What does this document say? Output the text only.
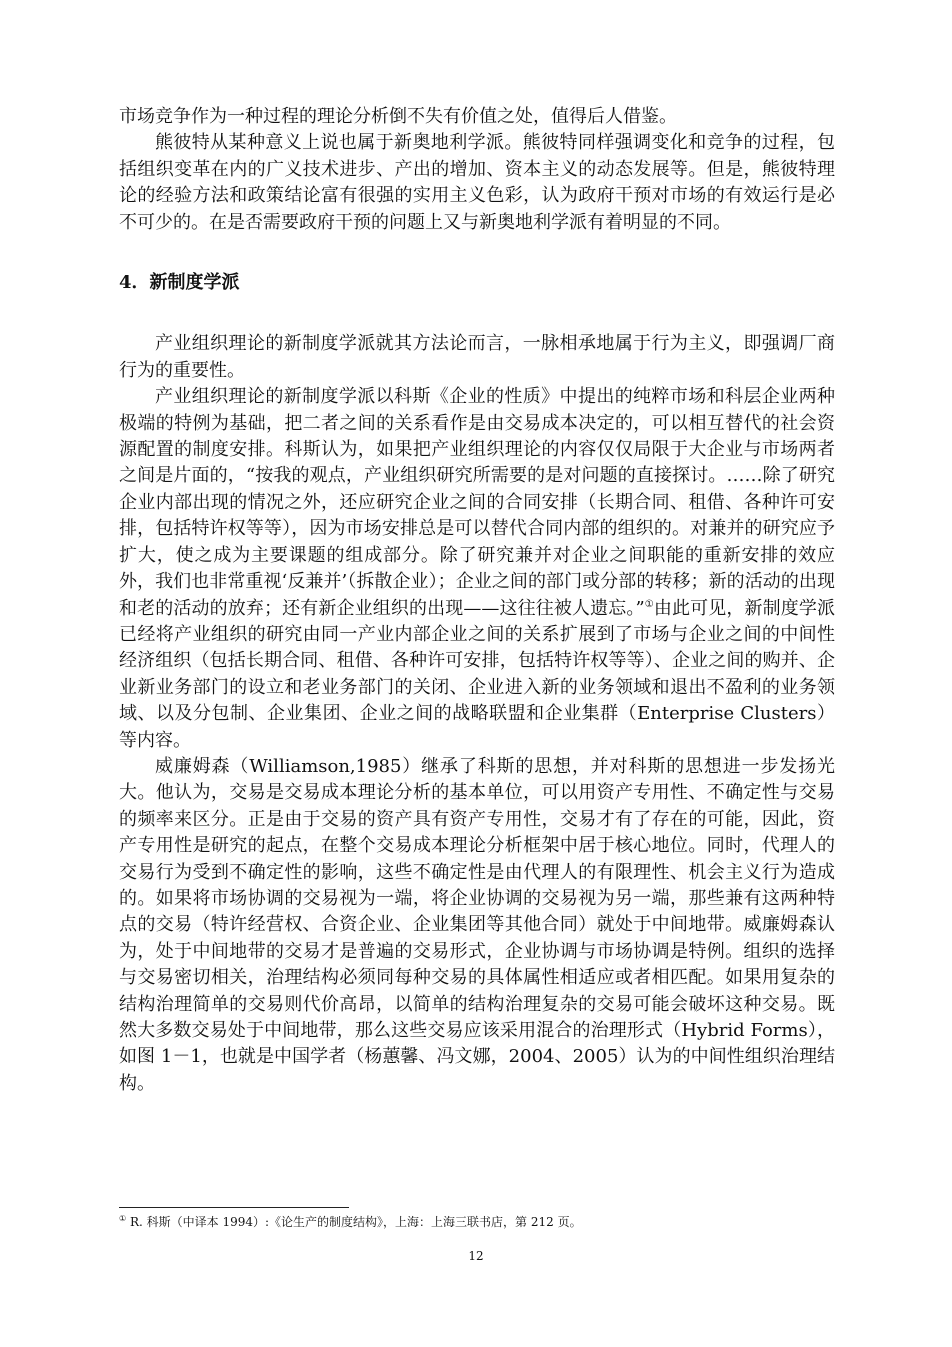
市场竞争作为一种过程的理论分析倒不失有价值之处，值得后人借鉴。

熊彼特从某种意义上说也属于新奥地利学派。熊彼特同样强调变化和竞争的过程，包括组织变革在内的广义技术进步、产出的增加、资本主义的动态发展等。但是，熊彼特理论的经验方法和政策结论富有很强的实用主义色彩，认为政府干预对市场的有效运行是必不可少的。在是否需要政府干预的问题上又与新奥地利学派有着明显的不同。

4．新制度学派

产业组织理论的新制度学派就其方法论而言，一脉相承地属于行为主义，即强调厂商行为的重要性。

产业组织理论的新制度学派以科斯《企业的性质》中提出的纯粹市场和科层企业两种极端的特例为基础，把二者之间的关系看作是由交易成本决定的，可以相互替代的社会资源配置的制度安排。科斯认为，如果把产业组织理论的内容仅仅局限于大企业与市场两者之间是片面的，“按我的观点，产业组织研究所需要的是对问题的直接探讨。……除了研究企业内部出现的情况之外，还应研究企业之间的合同安排（长期合同、租借、各种许可安排，包括特许权等等），因为市场安排总是可以替代合同内部的组织的。对兼并的研究应予扩大，使之成为主要课题的组成部分。除了研究兼并对企业之间职能的重新安排的效应外，我们也非常重视‘反兼并’（拆散企业）；企业之间的部门或分部的转移；新的活动的出现和老的活动的放弃；还有新企业组织的出现——这往往被人遗忘。”①由此可见，新制度学派已经将产业组织的研究由同一产业内部企业之间的关系扩展到了市场与企业之间的中间性经济组织（包括长期合同、租借、各种许可安排，包括特许权等等）、企业之间的购并、企业新业务部门的设立和老业务部门的关闭、企业进入新的业务领域和退出不盈利的业务领域、以及分包制、企业集团、企业之间的战略联盟和企业集群（Enterprise Clusters）等内容。

威廉姆森（Williamson,1985）继承了科斯的思想，并对科斯的思想进一步发扬光大。他认为，交易是交易成本理论分析的基本单位，可以用资产专用性、不确定性与交易的频率来区分。正是由于交易的资产具有资产专用性，交易才有了存在的可能，因此，资产专用性是研究的起点，在整个交易成本理论分析框架中居于核心地位。同时，代理人的交易行为受到不确定性的影响，这些不确定性是由代理人的有限理性、机会主义行为造成的。如果将市场协调的交易视为一端，将企业协调的交易视为另一端，那些兼有这两种特点的交易（特许经营权、合资企业、企业集团等其他合同）就处于中间地带。威廉姆森认为，处于中间地带的交易才是普遍的交易形式，企业协调与市场协调是特例。组织的选择与交易密切相关，治理结构必须同每种交易的具体属性相适应或者相匹配。如果用复杂的结构治理简单的交易则代价高昂，以简单的结构治理复杂的交易可能会破坏这种交易。既然大多数交易处于中间地带，那么这些交易应该采用混合的治理形式（Hybrid Forms），如图 1－1，也就是中国学者（杨蕙馨、冯文娜，2004、2005）认为的中间性组织治理结构。

① R. 科斯（中译本 1994）:《论生产的制度结构》，上海：上海三联书店，第 212 页。
12
